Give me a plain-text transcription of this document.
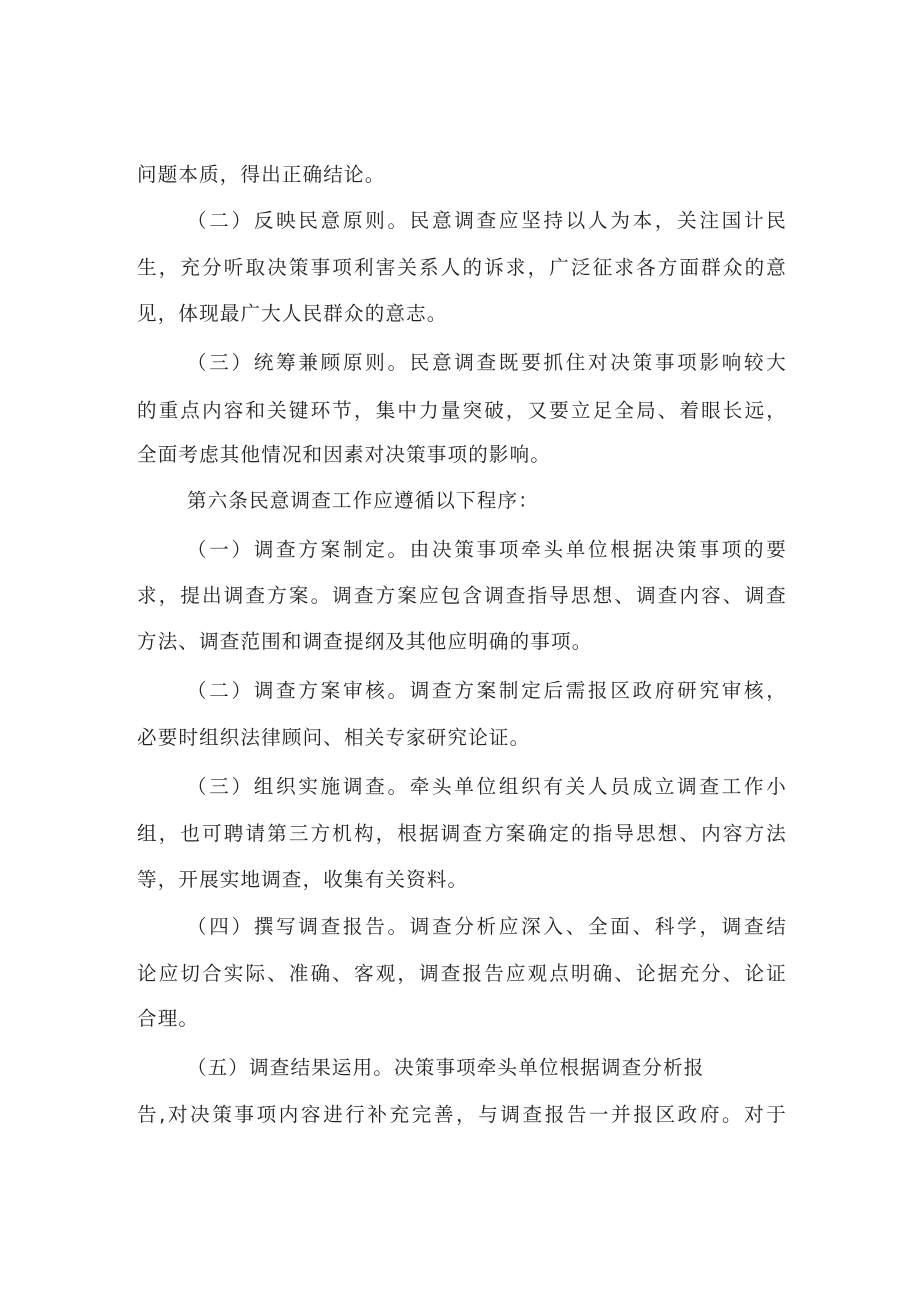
问题本质，得出正确结论。

（二）反映民意原则。民意调查应坚持以人为本，关注国计民

生，充分听取决策事项利害关系人的诉求，广泛征求各方面群众的意

见，体现最广大人民群众的意志。

（三）统筹兼顾原则。民意调查既要抓住对决策事项影响较大

的重点内容和关键环节，集中力量突破，又要立足全局、着眼长远，

全面考虑其他情况和因素对决策事项的影响。

第六条民意调查工作应遵循以下程序：

（一）调查方案制定。由决策事项牵头单位根据决策事项的要

求，提出调查方案。调查方案应包含调查指导思想、调查内容、调查

方法、调查范围和调查提纲及其他应明确的事项。

（二）调查方案审核。调查方案制定后需报区政府研究审核，

必要时组织法律顾问、相关专家研究论证。

（三）组织实施调查。牵头单位组织有关人员成立调查工作小

组，也可聘请第三方机构，根据调查方案确定的指导思想、内容方法

等，开展实地调查，收集有关资料。

（四）撰写调查报告。调查分析应深入、全面、科学，调查结

论应切合实际、准确、客观，调查报告应观点明确、论据充分、论证

合理。

（五）调查结果运用。决策事项牵头单位根据调查分析报

告,对决策事项内容进行补充完善，与调查报告一并报区政府。对于
